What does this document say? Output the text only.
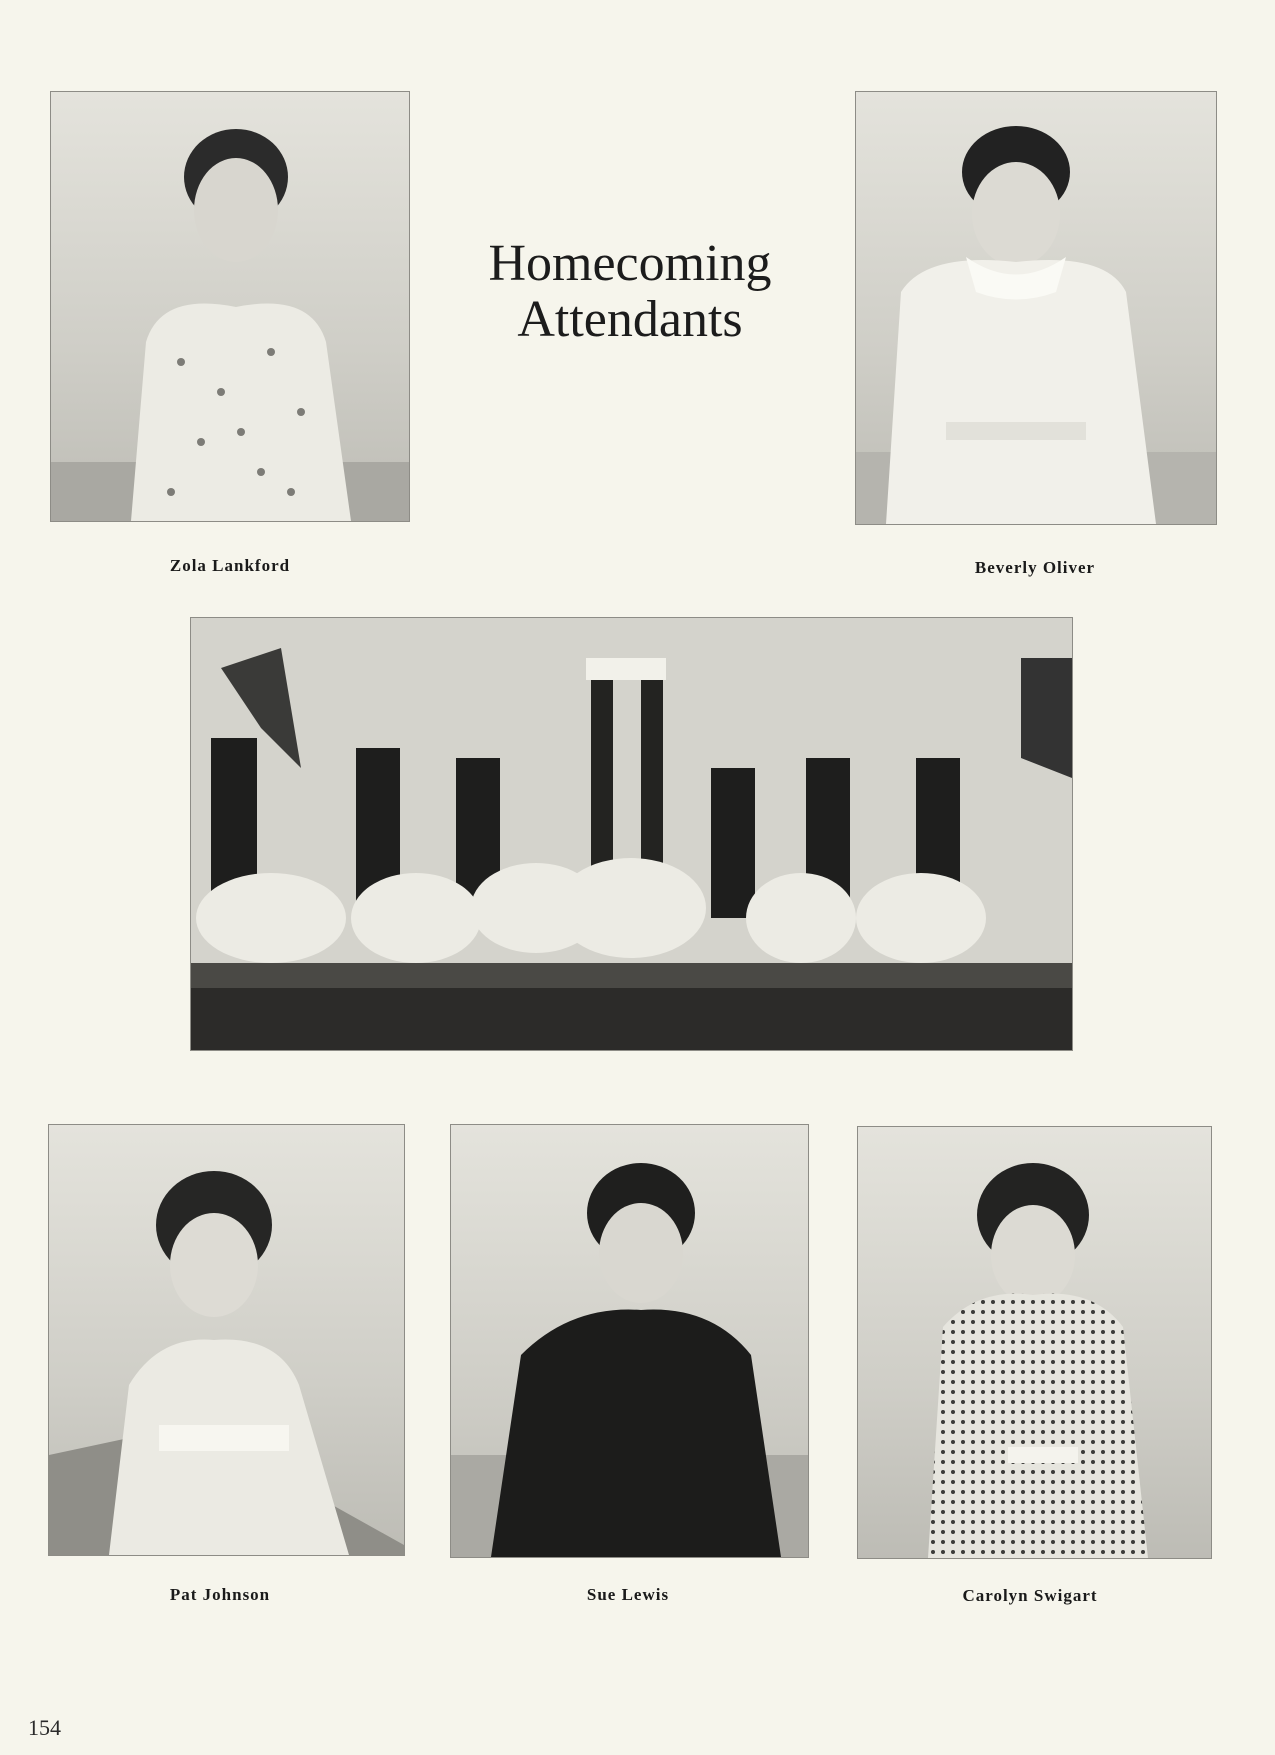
Homecoming
Attendants
Zola Lankford	Beverly Oliver
Pat Johnson	Sue Lewis	Carolyn Swigart
154
